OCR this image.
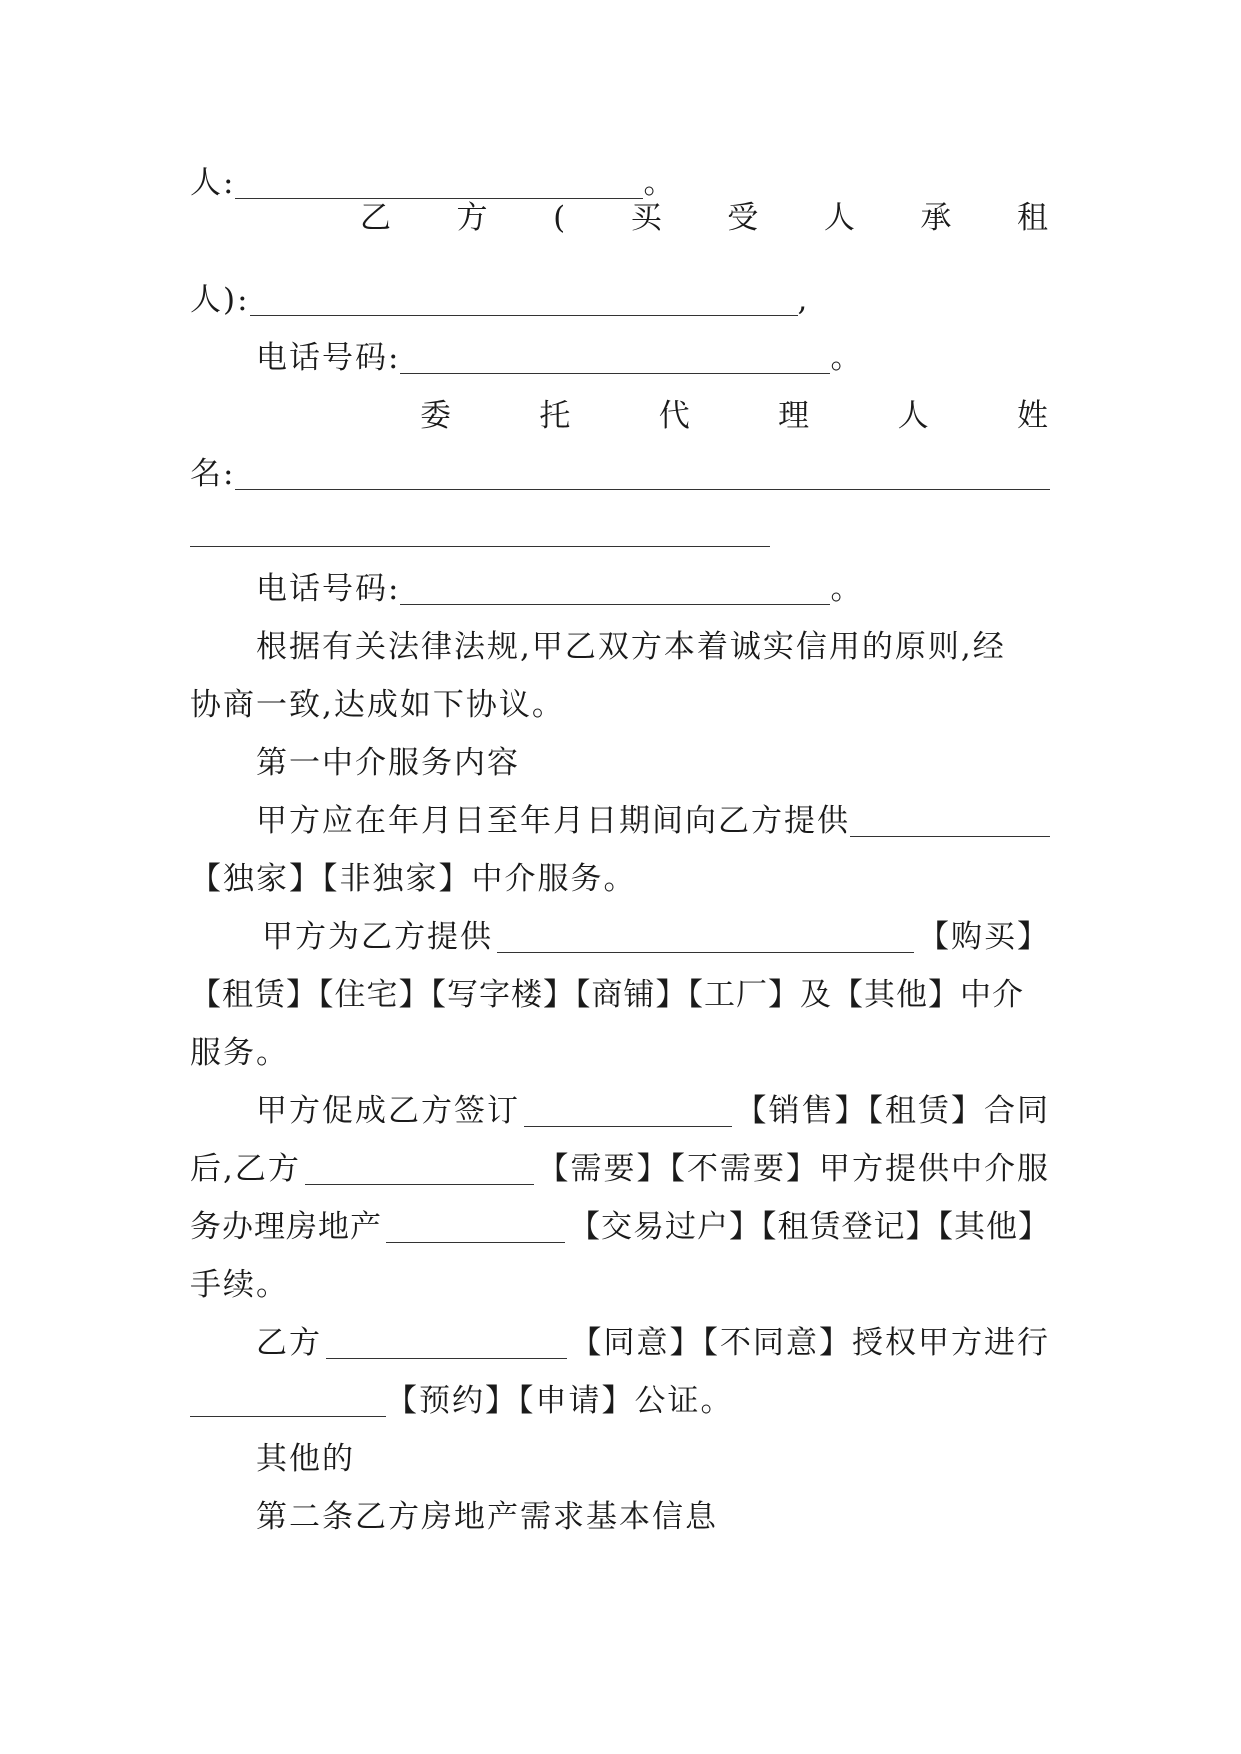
人:	。
乙 方 ( 买 受 人 承 租
人):	,
电话号码:	。
委	托	代	理	人	姓
名:
电话号码:	。
根据有关法律法规,甲乙双方本着诚实信用的原则,经
协商一致,达成如下协议。
第一中介服务内容
甲方应在年月日至年月日期间向乙方提供
【独家】【非独家】中介服务。
甲方为乙方提供	【购买】
【租赁】【住宅】【写字楼】【商铺】【工厂】及【其他】中介
服务。
甲方促成乙方签订	【销售】【租赁】合同
后,乙方	【需要】【不需要】甲方提供中介服
务办理房地产	【交易过户】【租赁登记】【其他】
手续。
乙方	【同意】【不同意】授权甲方进行
【预约】【申请】公证。
其他的
第二条乙方房地产需求基本信息
